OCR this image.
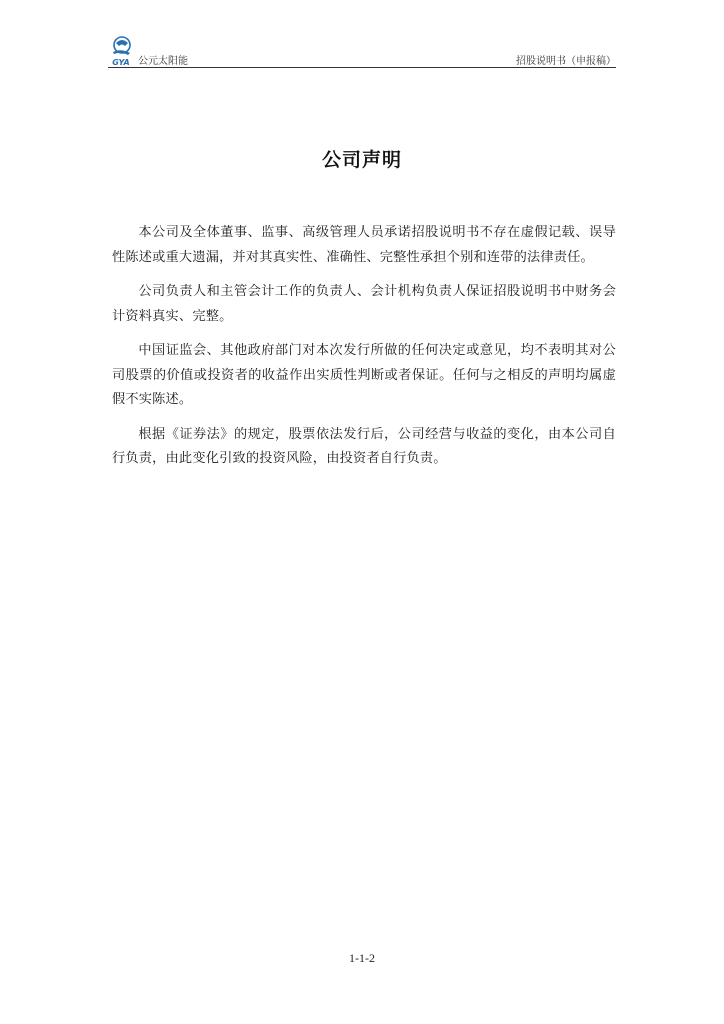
GYA 公元太阳能	招股说明书（申报稿）
公司声明

本公司及全体董事、监事、高级管理人员承诺招股说明书不存在虚假记载、误导性陈述或重大遗漏，并对其真实性、准确性、完整性承担个别和连带的法律责任。

公司负责人和主管会计工作的负责人、会计机构负责人保证招股说明书中财务会计资料真实、完整。

中国证监会、其他政府部门对本次发行所做的任何决定或意见，均不表明其对公司股票的价值或投资者的收益作出实质性判断或者保证。任何与之相反的声明均属虚假不实陈述。

根据《证券法》的规定，股票依法发行后，公司经营与收益的变化，由本公司自行负责，由此变化引致的投资风险，由投资者自行负责。

1-1-2
